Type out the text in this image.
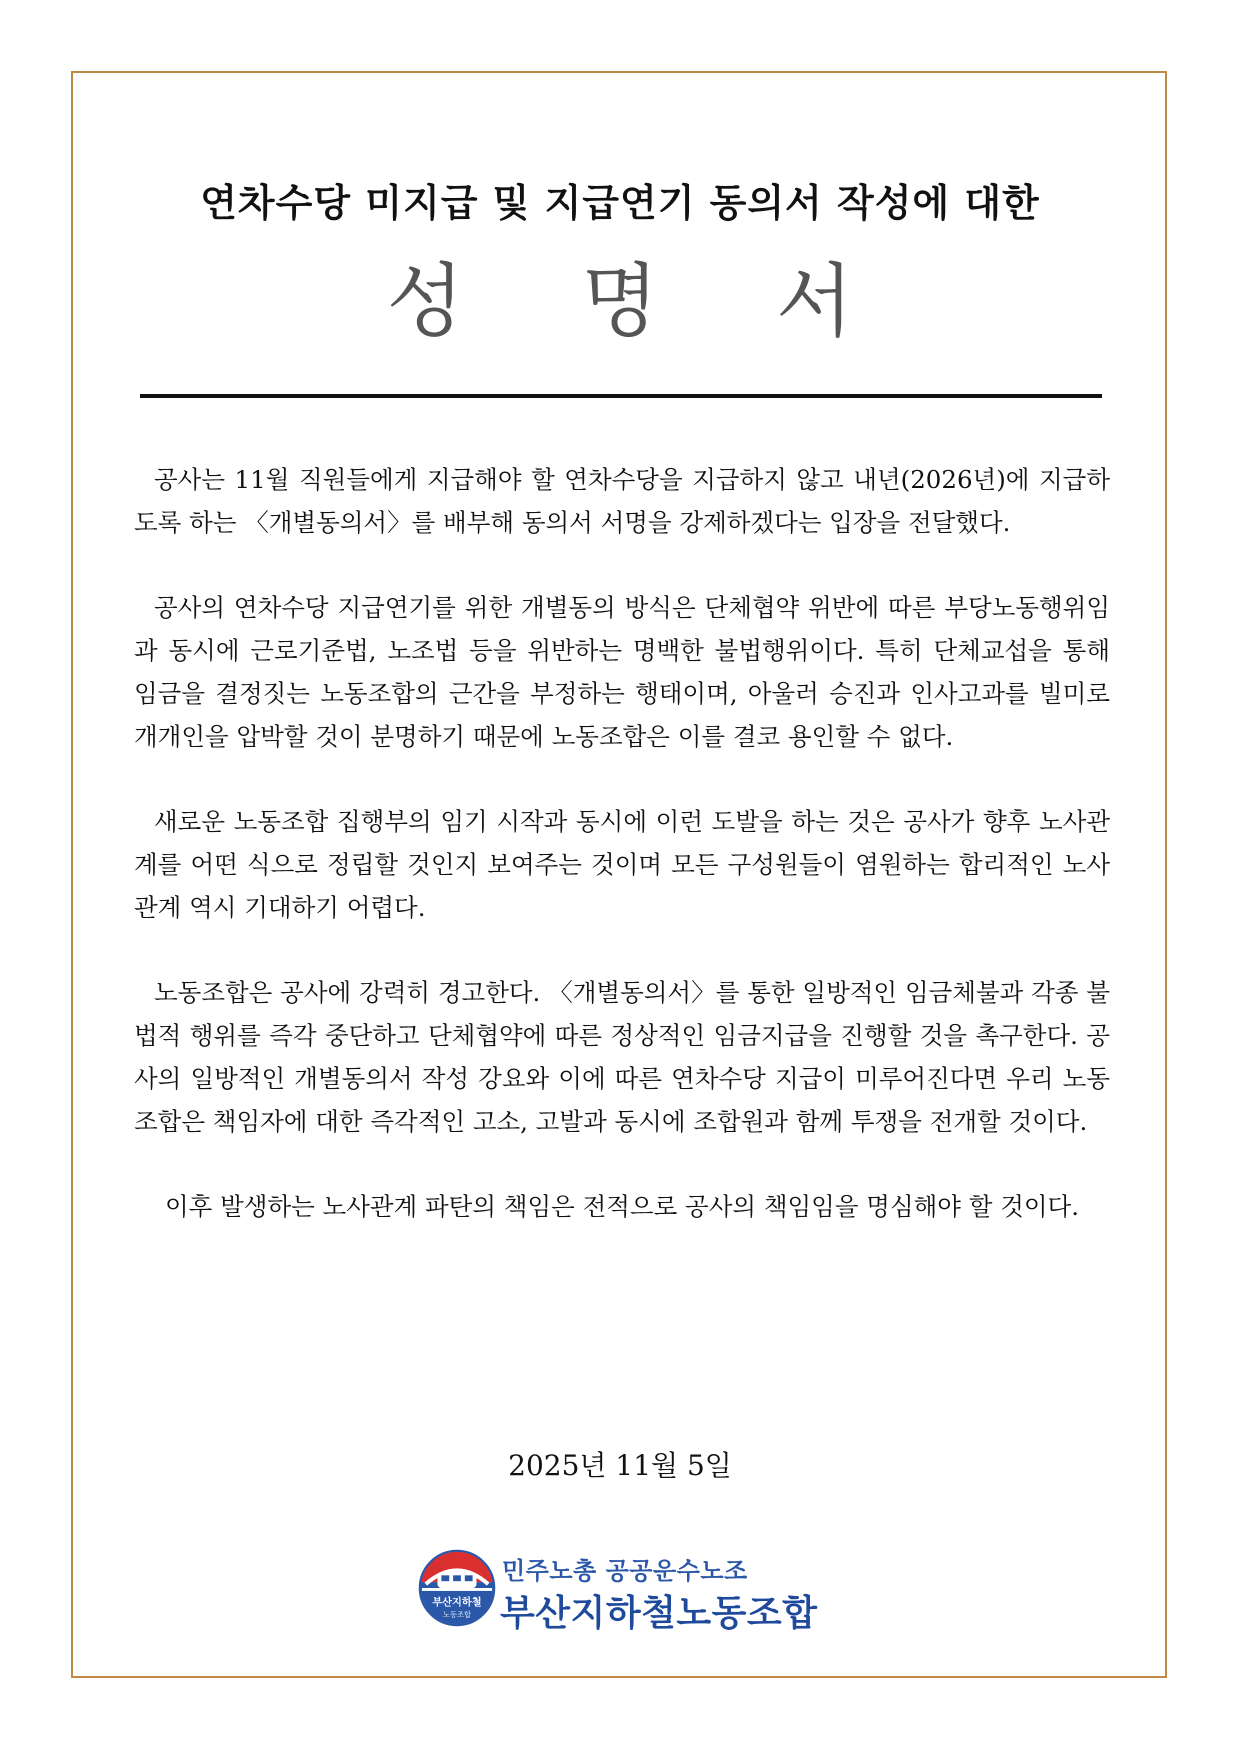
연차수당 미지급 및 지급연기 동의서 작성에 대한
성 명 서

공사는 11월 직원들에게 지급해야 할 연차수당을 지급하지 않고 내년(2026년)에 지급하도록 하는 〈개별동의서〉를 배부해 동의서 서명을 강제하겠다는 입장을 전달했다.

공사의 연차수당 지급연기를 위한 개별동의 방식은 단체협약 위반에 따른 부당노동행위임과 동시에 근로기준법, 노조법 등을 위반하는 명백한 불법행위이다. 특히 단체교섭을 통해 임금을 결정짓는 노동조합의 근간을 부정하는 행태이며, 아울러 승진과 인사고과를 빌미로 개개인을 압박할 것이 분명하기 때문에 노동조합은 이를 결코 용인할 수 없다.

새로운 노동조합 집행부의 임기 시작과 동시에 이런 도발을 하는 것은 공사가 향후 노사관계를 어떤 식으로 정립할 것인지 보여주는 것이며 모든 구성원들이 염원하는 합리적인 노사관계 역시 기대하기 어렵다.

노동조합은 공사에 강력히 경고한다. 〈개별동의서〉를 통한 일방적인 임금체불과 각종 불법적 행위를 즉각 중단하고 단체협약에 따른 정상적인 임금지급을 진행할 것을 촉구한다. 공사의 일방적인 개별동의서 작성 강요와 이에 따른 연차수당 지급이 미루어진다면 우리 노동조합은 책임자에 대한 즉각적인 고소, 고발과 동시에 조합원과 함께 투쟁을 전개할 것이다.

이후 발생하는 노사관계 파탄의 책임은 전적으로 공사의 책임임을 명심해야 할 것이다.

2025년 11월 5일
부산지하철
노동조합
민주노총 공공운수노조
부산지하철노동조합
